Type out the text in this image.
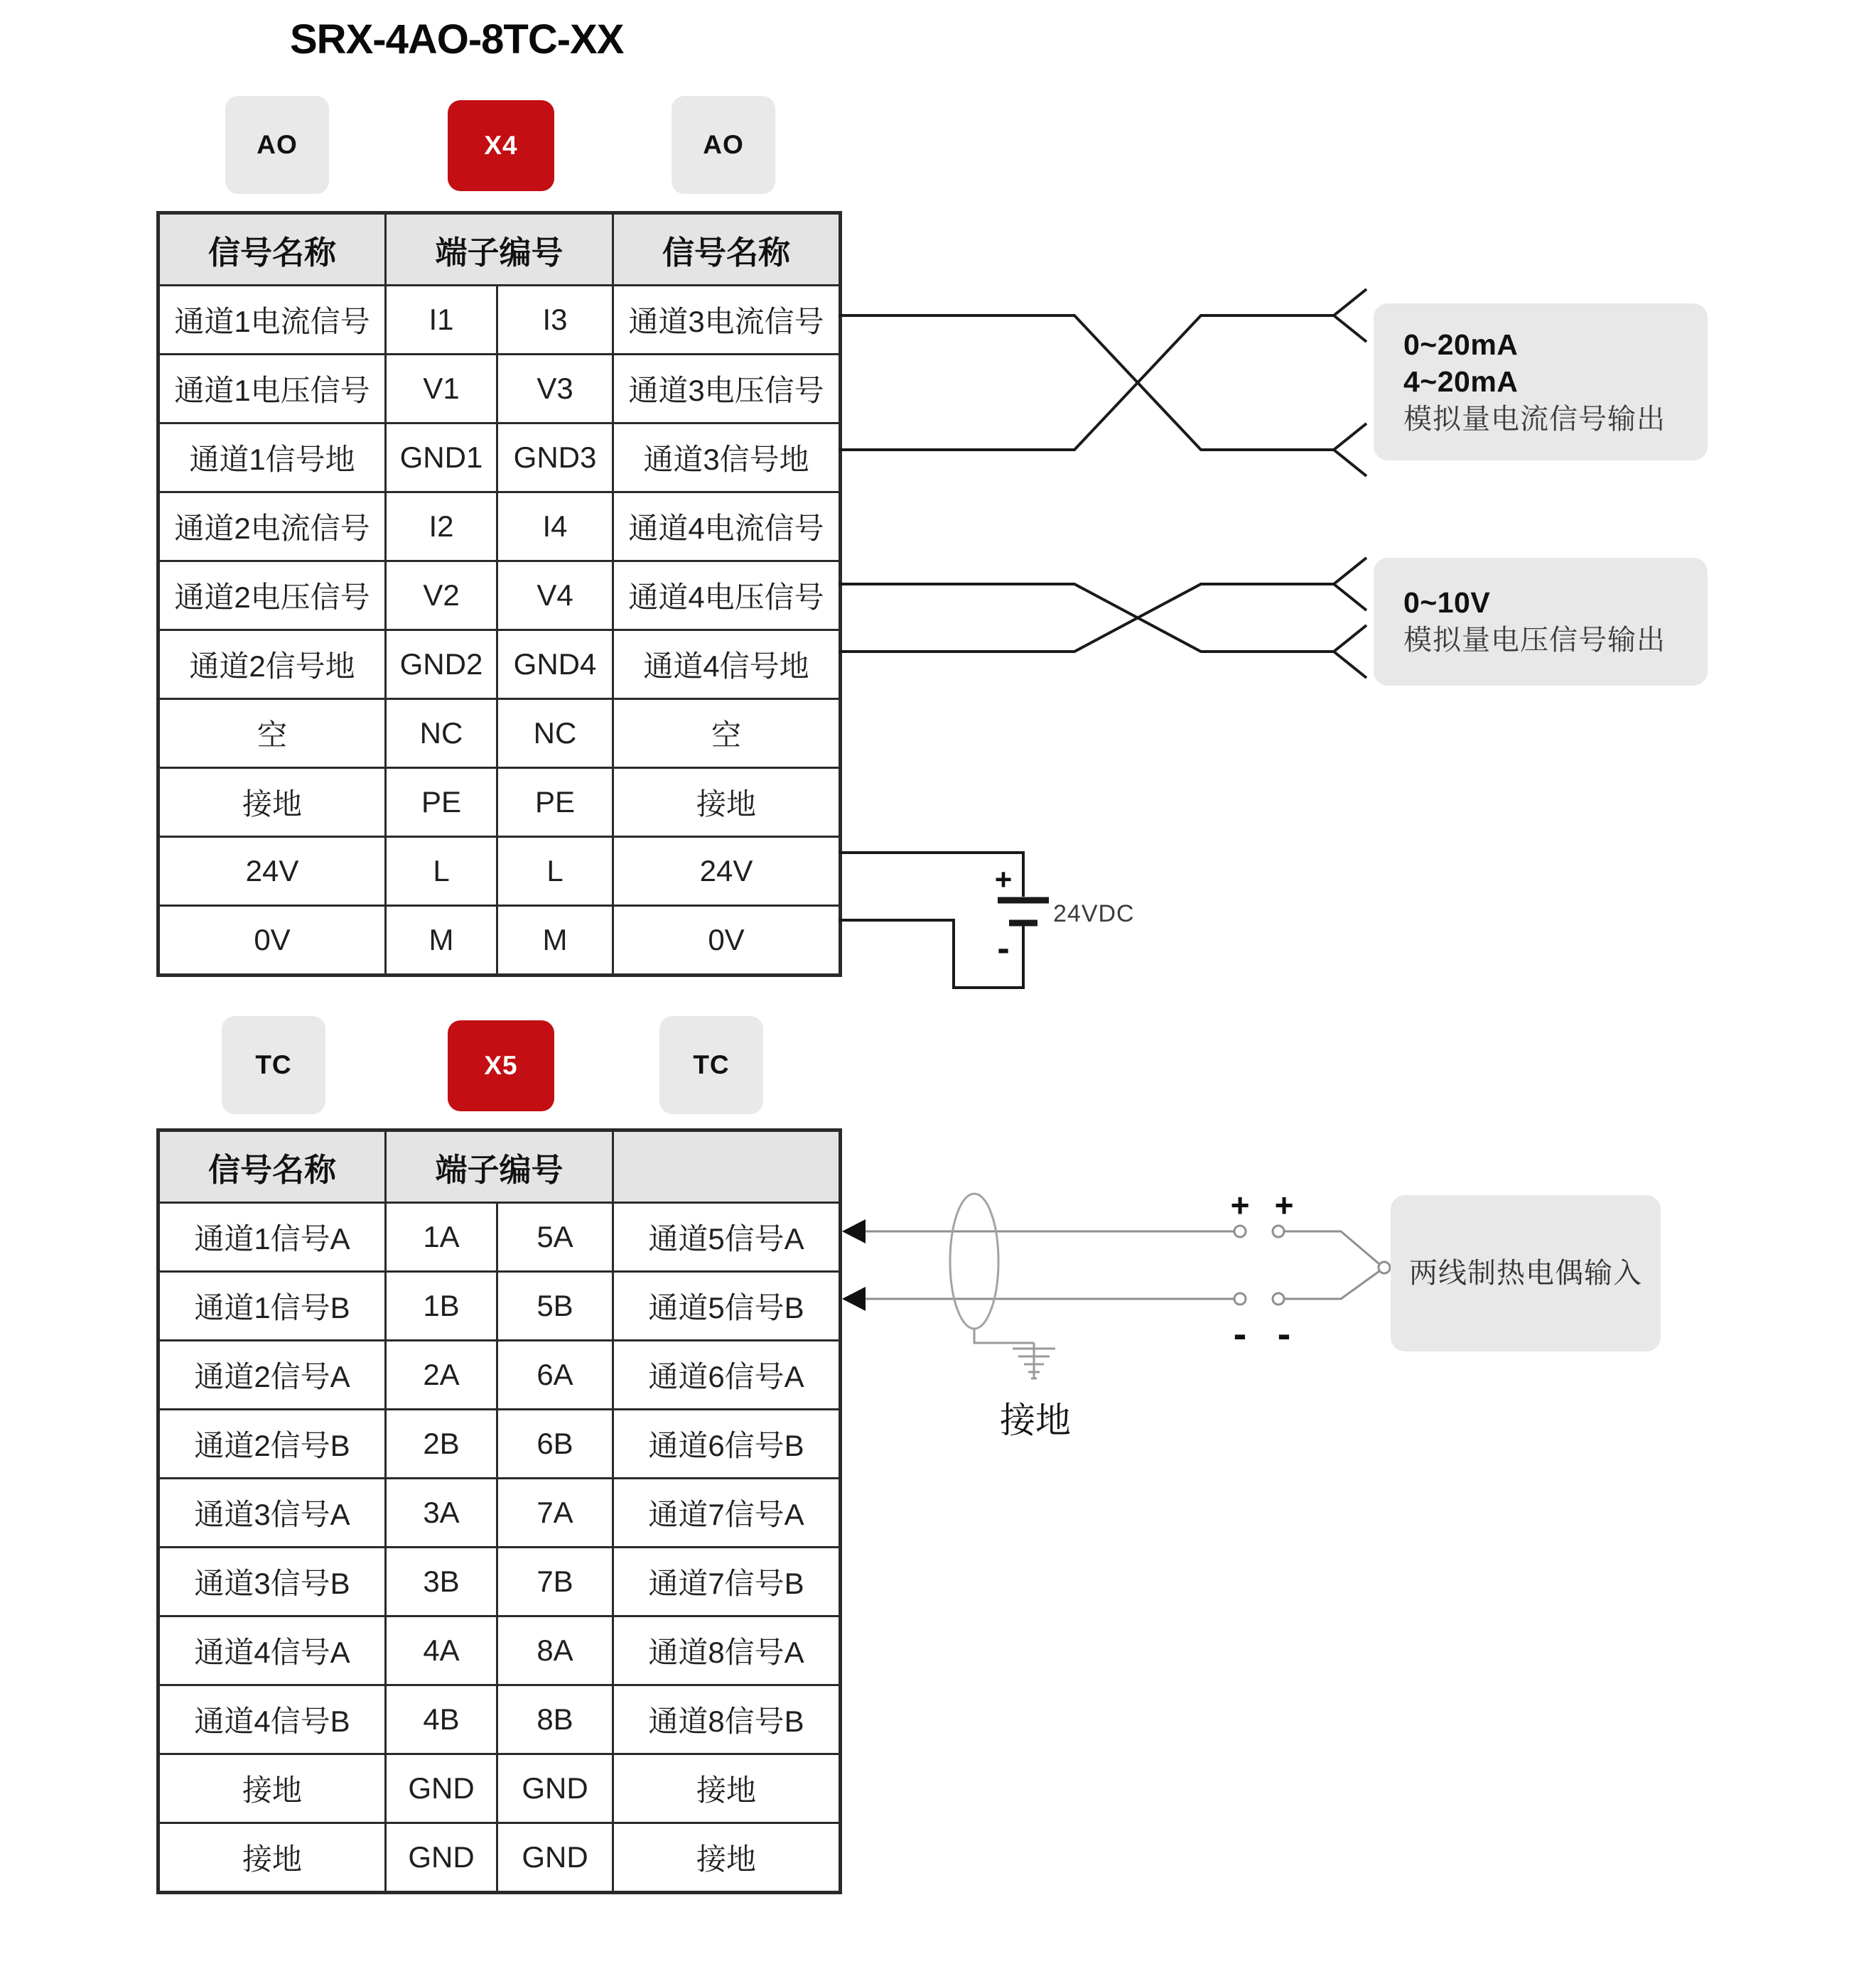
SRX-4AO-8TC-XX
AO	X4	AO
信号名称	端子编号		信号名称
通道1电流信号	I1	I3	通道3电流信号
通道1电压信号	V1	V3	通道3电压信号
通道1信号地	GND1	GND3	通道3信号地
通道2电流信号	I2	I4	通道4电流信号
通道2电压信号	V2	V4	通道4电压信号
通道2信号地	GND2	GND4	通道4信号地
空	NC	NC	空
接地	PE	PE	接地
24V	L	L	24V
0V	M	M	0V
TC	X5	TC
信号名称	端子编号		
通道1信号A	1A	5A	通道5信号A
通道1信号B	1B	5B	通道5信号B
通道2信号A	2A	6A	通道6信号A
通道2信号B	2B	6B	通道6信号B
通道3信号A	3A	7A	通道7信号A
通道3信号B	3B	7B	通道7信号B
通道4信号A	4A	8A	通道8信号A
通道4信号B	4B	8B	通道8信号B
接地	GND	GND	接地
接地	GND	GND	接地
+
-
24VDC
+ +
- -
接地
0~20mA
4~20mA
模拟量电流信号输出
0~10V
模拟量电压信号输出
两线制热电偶输入
